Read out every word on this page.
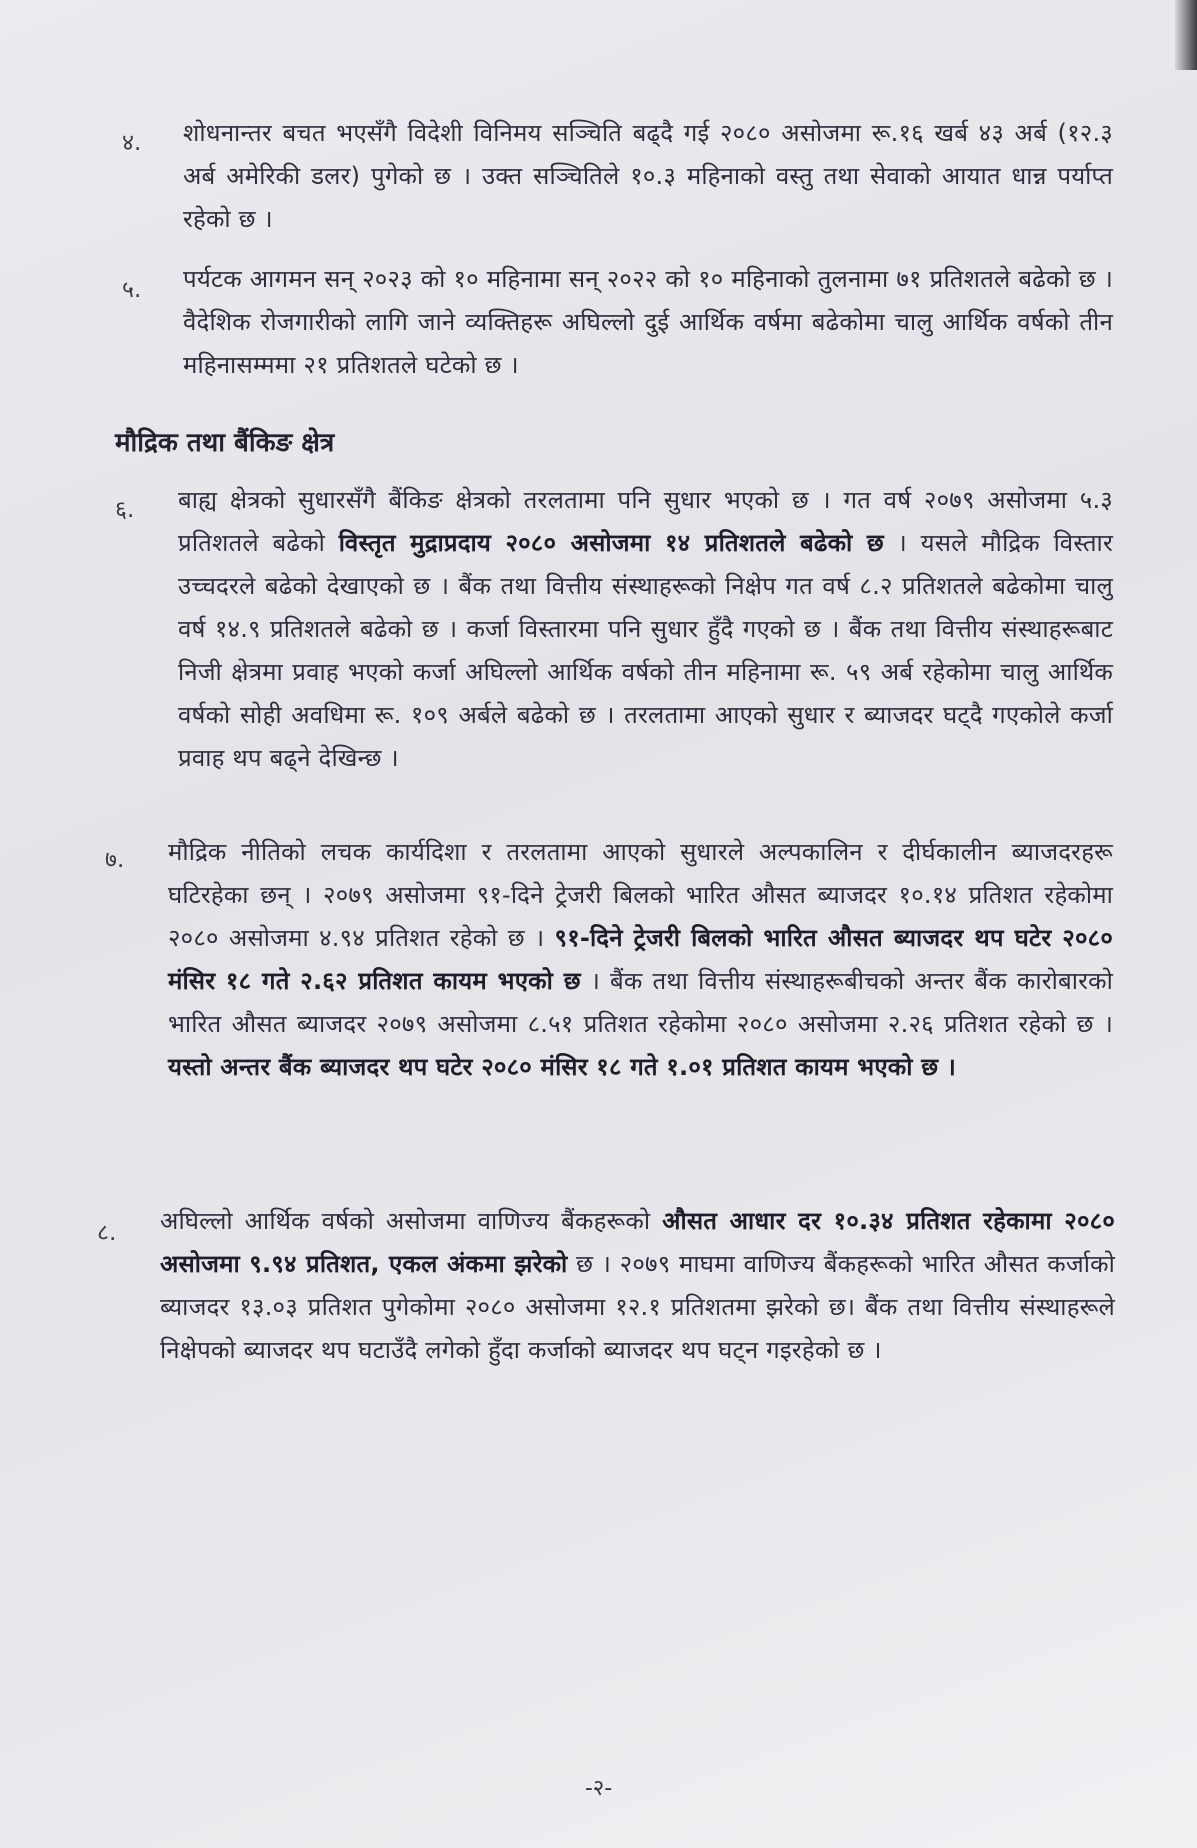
४. शोधनान्तर बचत भएसँगै विदेशी विनिमय सञ्चिति बढ्दै गई २०८० असोजमा रू.१६ खर्ब ४३ अर्ब (१२.३ अर्ब अमेरिकी डलर) पुगेको छ । उक्त सञ्चितिले १०.३ महिनाको वस्तु तथा सेवाको आयात धान्न पर्याप्त रहेको छ ।
५. पर्यटक आगमन सन् २०२३ को १० महिनामा सन् २०२२ को १० महिनाको तुलनामा ७१ प्रतिशतले बढेको छ । वैदेशिक रोजगारीको लागि जाने व्यक्तिहरू अघिल्लो दुई आर्थिक वर्षमा बढेकोमा चालु आर्थिक वर्षको तीन महिनासम्ममा २१ प्रतिशतले घटेको छ ।
मौद्रिक तथा बैंकिङ क्षेत्र
६. बाह्य क्षेत्रको सुधारसँगै बैंकिङ क्षेत्रको तरलतामा पनि सुधार भएको छ । गत वर्ष २०७९ असोजमा ५.३ प्रतिशतले बढेको विस्तृत मुद्राप्रदाय २०८० असोजमा १४ प्रतिशतले बढेको छ । यसले मौद्रिक विस्तार उच्चदरले बढेको देखाएको छ । बैंक तथा वित्तीय संस्थाहरूको निक्षेप गत वर्ष ८.२ प्रतिशतले बढेकोमा चालु वर्ष १४.९ प्रतिशतले बढेको छ । कर्जा विस्तारमा पनि सुधार हुँदै गएको छ । बैंक तथा वित्तीय संस्थाहरूबाट निजी क्षेत्रमा प्रवाह भएको कर्जा अघिल्लो आर्थिक वर्षको तीन महिनामा रू. ५९ अर्ब रहेकोमा चालु आर्थिक वर्षको सोही अवधिमा रू. १०९ अर्बले बढेको छ । तरलतामा आएको सुधार र ब्याजदर घट्दै गएकोले कर्जा प्रवाह थप बढ्ने देखिन्छ ।
७. मौद्रिक नीतिको लचक कार्यदिशा र तरलतामा आएको सुधारले अल्पकालिन र दीर्घकालीन ब्याजदरहरू घटिरहेका छन् । २०७९ असोजमा ९१-दिने ट्रेजरी बिलको भारित औसत ब्याजदर १०.१४ प्रतिशत रहेकोमा २०८० असोजमा ४.९४ प्रतिशत रहेको छ । ९१-दिने ट्रेजरी बिलको भारित औसत ब्याजदर थप घटेर २०८० मंसिर १८ गते २.६२ प्रतिशत कायम भएको छ । बैंक तथा वित्तीय संस्थाहरूबीचको अन्तर बैंक कारोबारको भारित औसत ब्याजदर २०७९ असोजमा ८.५१ प्रतिशत रहेकोमा २०८० असोजमा २.२६ प्रतिशत रहेको छ । यस्तो अन्तर बैंक ब्याजदर थप घटेर २०८० मंसिर १८ गते १.०१ प्रतिशत कायम भएको छ ।
८. अघिल्लो आर्थिक वर्षको असोजमा वाणिज्य बैंकहरूको औसत आधार दर १०.३४ प्रतिशत रहेकामा २०८० असोजमा ९.९४ प्रतिशत, एकल अंकमा झरेको छ । २०७९ माघमा वाणिज्य बैंकहरूको भारित औसत कर्जाको ब्याजदर १३.०३ प्रतिशत पुगेकोमा २०८० असोजमा १२.१ प्रतिशतमा झरेको छ। बैंक तथा वित्तीय संस्थाहरूले निक्षेपको ब्याजदर थप घटाउँदै लगेको हुँदा कर्जाको ब्याजदर थप घट्न गइरहेको छ ।
-२-
